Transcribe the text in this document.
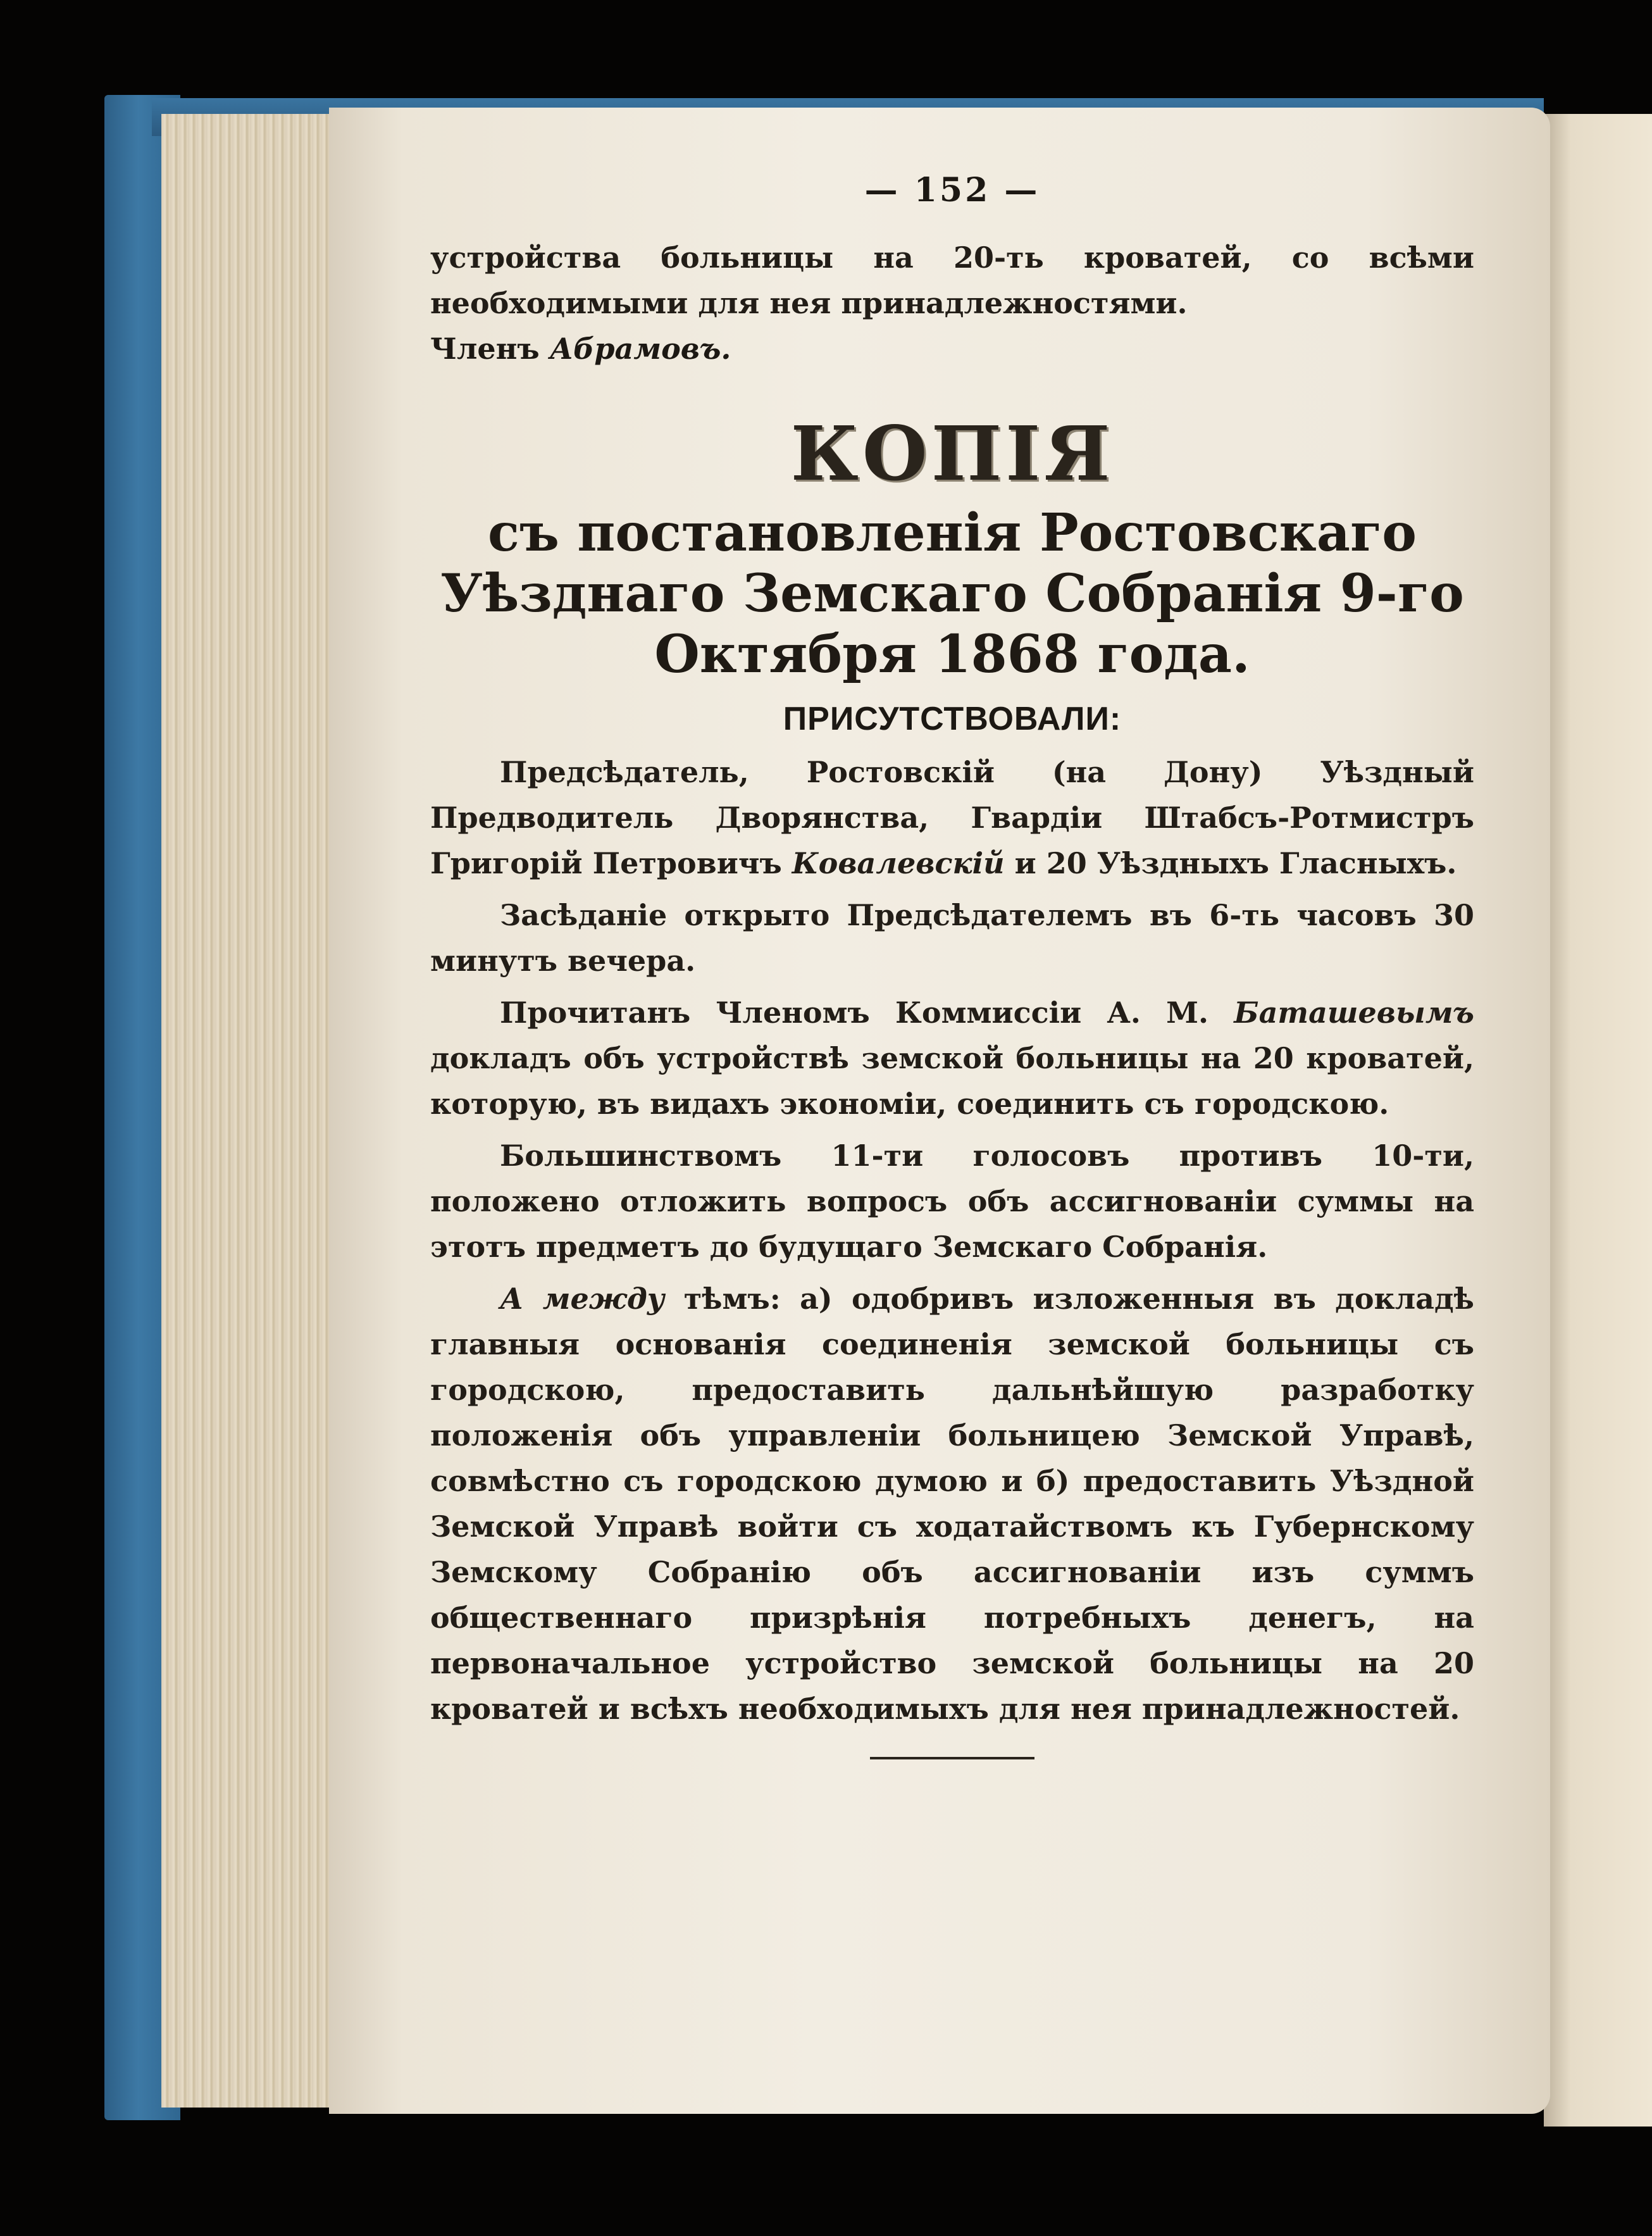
— 152 —

устройства больницы на 20-ть кроватей, со всѣми необходимыми для нея принадлежностями.

Членъ Абрамовъ.

КОПІЯ
съ постановленія Ростовскаго Уѣзднаго Земскаго Собранія 9-го Октября 1868 года.
ПРИСУТСТВОВАЛИ:

Предсѣдатель, Ростовскій (на Дону) Уѣздный Предводитель Дворянства, Гвардіи Штабсъ-Ротмистръ Григорій Петровичъ Ковалевскій и 20 Уѣздныхъ Гласныхъ.

Засѣданіе открыто Предсѣдателемъ въ 6-ть часовъ 30 минутъ вечера.

Прочитанъ Членомъ Коммиссіи А. М. Баташевымъ докладъ объ устройствѣ земской больницы на 20 кроватей, которую, въ видахъ экономіи, соединить съ городскою.

Большинствомъ 11-ти голосовъ противъ 10-ти, положено отложить вопросъ объ ассигнованіи суммы на этотъ предметъ до будущаго Земскаго Собранія.

А между тѣмъ: а) одобривъ изложенныя въ докладѣ главныя основанія соединенія земской больницы съ городскою, предоставить дальнѣйшую разработку положенія объ управленіи больницею Земской Управѣ, совмѣстно съ городскою думою и б) предоставить Уѣздной Земской Управѣ войти съ ходатайствомъ къ Губернскому Земскому Собранію объ ассигнованіи изъ суммъ общественнаго призрѣнія потребныхъ денегъ, на первоначальное устройство земской больницы на 20 кроватей и всѣхъ необходимыхъ для нея принадлежностей.
